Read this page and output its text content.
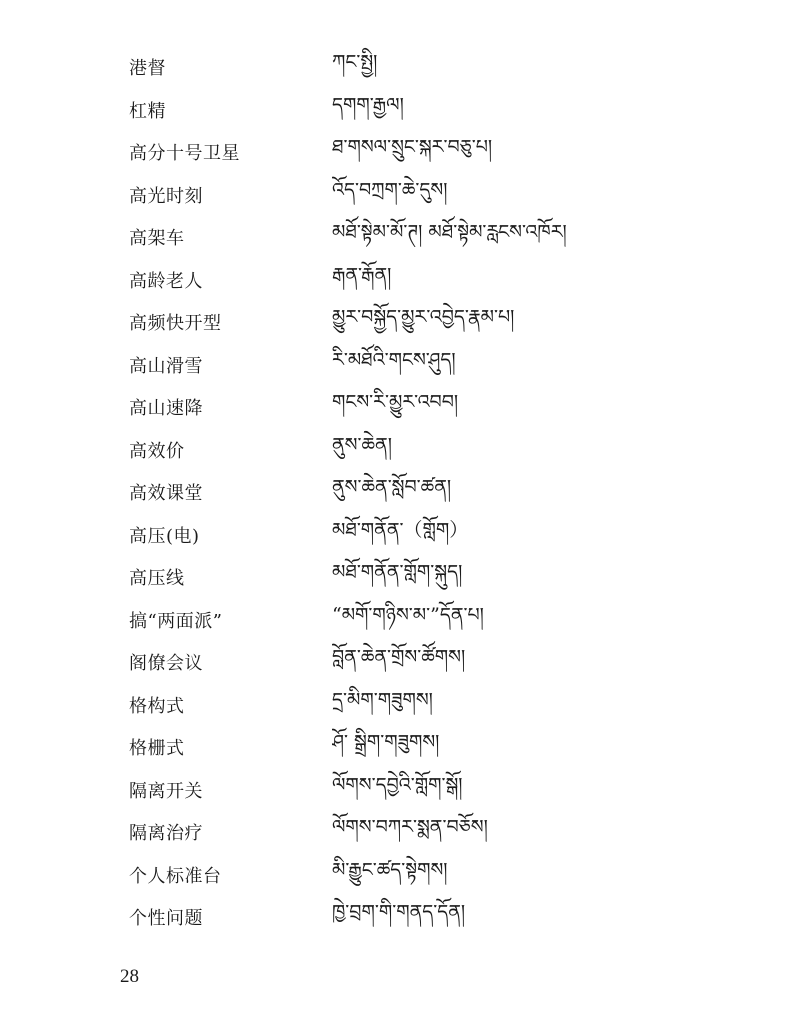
港督	ཀང་སྤྱི།
杠精	དགག་རྒྱལ།
高分十号卫星	ཐ་གསལ་སྲུང་སྐར་བཅུ་པ།
高光时刻	འོད་བཀྲག་ཆེ་དུས།
高架车	མཐོ་སྟེམ་མོ་ཊ། མཐོ་སྟེམ་རླངས་འཁོར།
高龄老人	རྒན་རྒོན།
高频快开型	མྱུར་བསྐྱོད་མྱུར་འབྱེད་རྣམ་པ།
高山滑雪	རི་མཐོའི་གངས་ཤུད།
高山速降	གངས་རི་མྱུར་འབབ།
高效价	ནུས་ཆེན།
高效课堂	ནུས་ཆེན་སློབ་ཚན།
高压(电)	མཐོ་གནོན་（གློག）
高压线	མཐོ་གནོན་གློག་སྐུད།
搞“两面派”	“མགོ་གཉིས་མ་”དོན་པ།
阁僚会议	བློན་ཆེན་གྲོས་ཚོགས།
格构式	དྲ་མིག་གཟུགས།
格栅式	ཤོ་ སྒྲིག་གཟུགས།
隔离开关	ལོགས་དབྱེའི་གློག་སྒོ།
隔离治疗	ལོགས་བཀར་སྨན་བཅོས།
个人标准台	མི་རྒྱུང་ཚད་སྟེགས།
个性问题	ཁྱེ་བྲག་གི་གནད་དོན།
28
